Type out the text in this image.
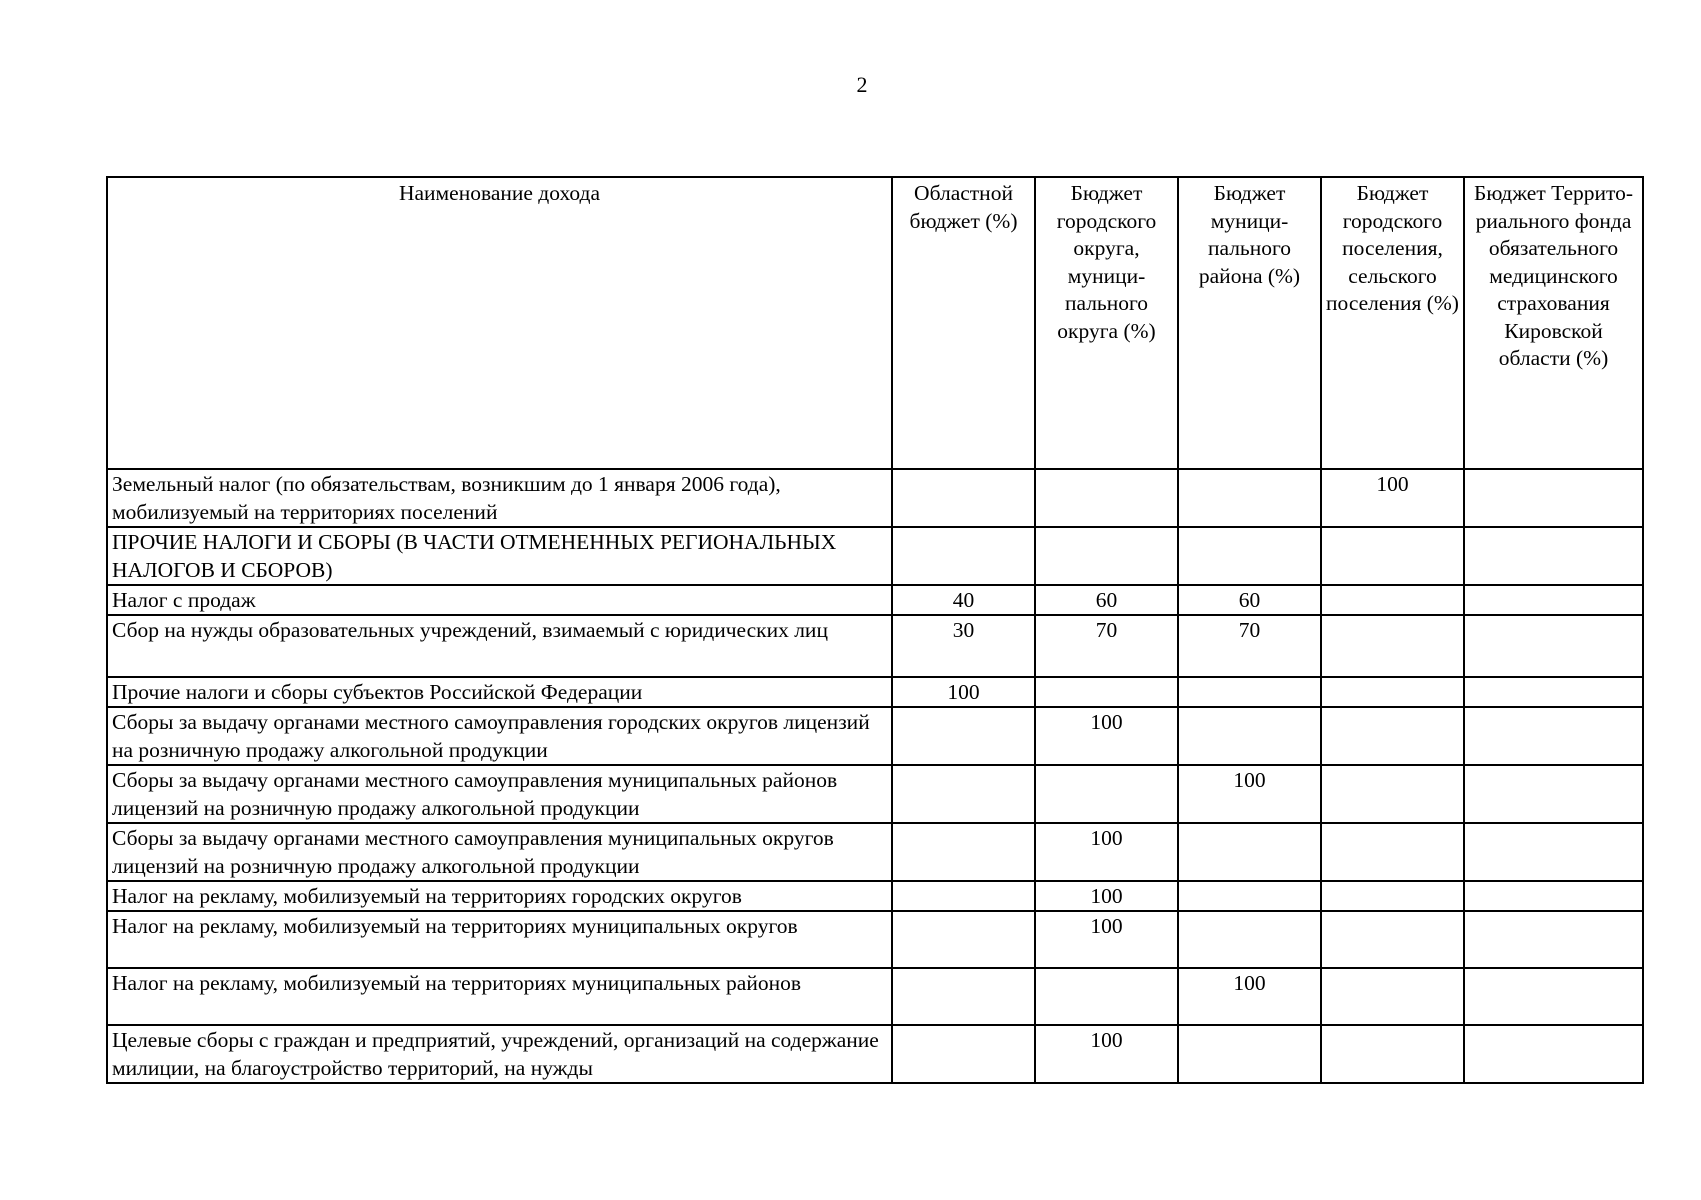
2
Наименование дохода	Областной бюджет (%)	Бюджет городского округа, муници-пального округа (%)	Бюджет муници-пального района (%)	Бюджет городского поселения, сельского поселения (%)	Бюджет Террито-риального фонда обязательного медицинского страхования Кировской области (%)
Земельный налог (по обязательствам, возникшим до 1 января 2006 года), мобилизуемый на территориях поселений				100	
ПРОЧИЕ НАЛОГИ И СБОРЫ (В ЧАСТИ ОТМЕНЕННЫХ РЕГИОНАЛЬНЫХ НАЛОГОВ И СБОРОВ)					
Налог с продаж	40	60	60		
Сбор на нужды образовательных учреждений, взимаемый с юридических лиц	30	70	70		
Прочие налоги и сборы субъектов Российской Федерации	100				
Сборы за выдачу органами местного самоуправления городских округов лицензий на розничную продажу алкогольной продукции		100			
Сборы за выдачу органами местного самоуправления муниципальных районов лицензий на розничную продажу алкогольной продукции			100		
Сборы за выдачу органами местного самоуправления муниципальных округов лицензий на розничную продажу алкогольной продукции		100			
Налог на рекламу, мобилизуемый на территориях городских округов		100			
Налог на рекламу, мобилизуемый на территориях муниципальных округов		100			
Налог на рекламу, мобилизуемый на территориях муниципальных районов			100		
Целевые сборы с граждан и предприятий, учреждений, организаций на содержание милиции, на благоустройство территорий, на нужды		100			
